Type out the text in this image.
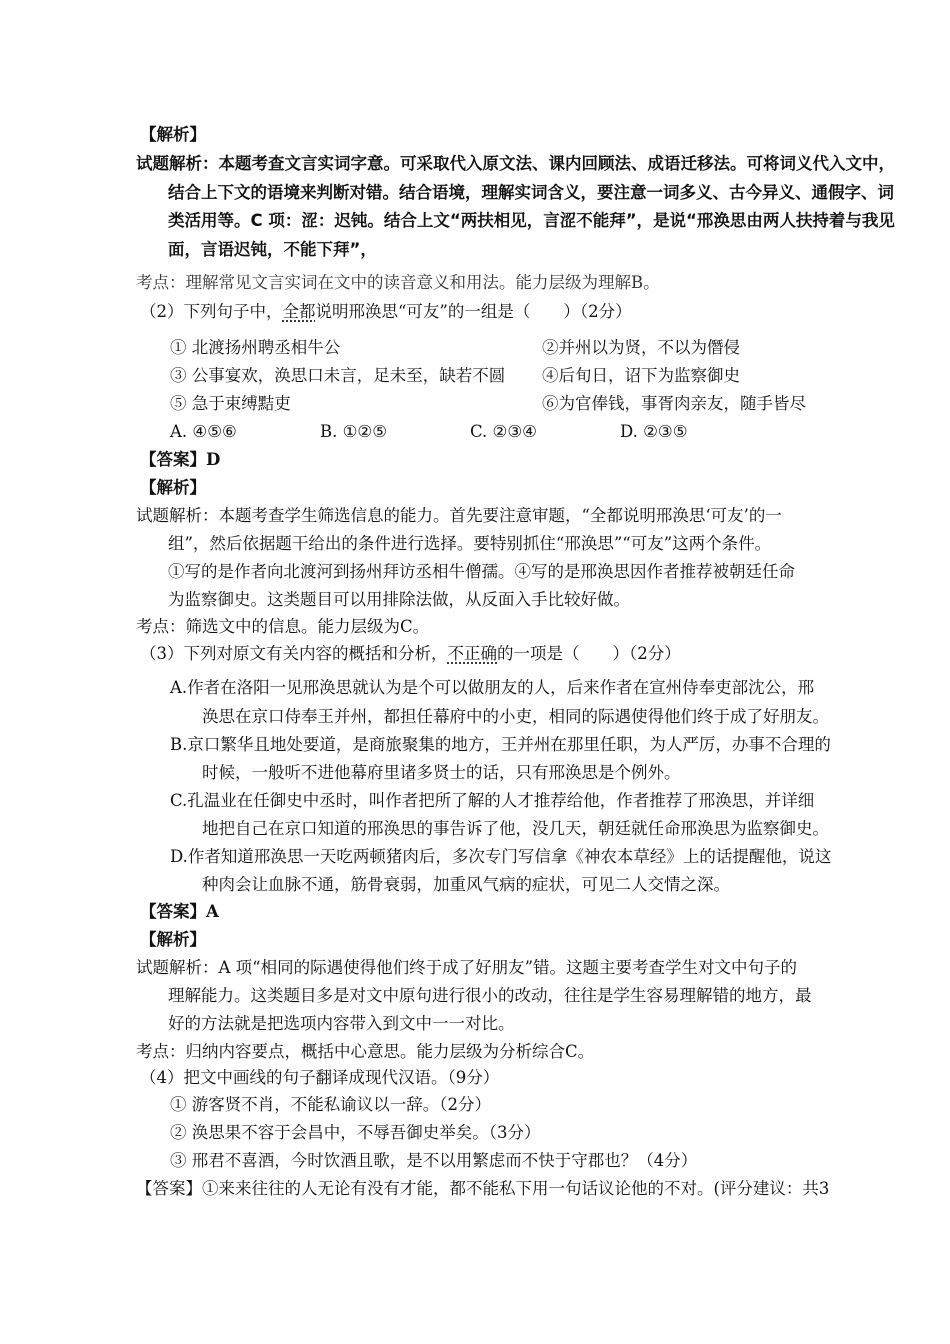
【解析】
试题解析：本题考查文言实词字意。可采取代入原文法、课内回顾法、成语迁移法。可将词义代入文中，
结合上下文的语境来判断对错。结合语境，理解实词含义，要注意一词多义、古今异义、通假字、词
类活用等。C 项：涩：迟钝。结合上文“两扶相见，言涩不能拜”，是说“邢涣思由两人扶持着与我见
面，言语迟钝，不能下拜”，
考点：理解常见文言实词在文中的读音意义和用法。能力层级为理解B。
（2）下列句子中，全都说明邢涣思“可友”的一组是（　　）（2分）
① 北渡扬州聘丞相牛公	②并州以为贤，不以为僭侵
③ 公事宴欢，涣思口未言，足未至，缺若不圆 ④后旬日，诏下为监察御史
⑤ 急于束缚黠吏	⑥为官俸钱，事胥肉亲友，随手皆尽
A. ④⑤⑥	B. ①②⑤	C. ②③④	D. ②③⑤
【答案】D
【解析】
试题解析：本题考查学生筛选信息的能力。首先要注意审题，“全都说明邢涣思‘可友’的一
组”，然后依据题干给出的条件进行选择。要特别抓住“邢涣思”“可友”这两个条件。
①写的是作者向北渡河到扬州拜访丞相牛僧孺。④写的是邢涣思因作者推荐被朝廷任命
为监察御史。这类题目可以用排除法做，从反面入手比较好做。
考点：筛选文中的信息。能力层级为C。
（3）下列对原文有关内容的概括和分析，不正确的一项是（　　）（2分）
A.作者在洛阳一见邢涣思就认为是个可以做朋友的人，后来作者在宣州侍奉吏部沈公，邢
涣思在京口侍奉王并州，都担任幕府中的小吏，相同的际遇使得他们终于成了好朋友。
B.京口繁华且地处要道，是商旅聚集的地方，王并州在那里任职，为人严厉，办事不合理的
时候，一般听不进他幕府里诸多贤士的话，只有邢涣思是个例外。
C.孔温业在任御史中丞时，叫作者把所了解的人才推荐给他，作者推荐了邢涣思，并详细
地把自己在京口知道的邢涣思的事告诉了他，没几天，朝廷就任命邢涣思为监察御史。
D.作者知道邢涣思一天吃两顿猪肉后，多次专门写信拿《神农本草经》上的话提醒他，说这
种肉会让血脉不通，筋骨衰弱，加重风气病的症状，可见二人交情之深。
【答案】A
【解析】
试题解析：A 项“相同的际遇使得他们终于成了好朋友”错。这题主要考查学生对文中句子的
理解能力。这类题目多是对文中原句进行很小的改动，往往是学生容易理解错的地方，最
好的方法就是把选项内容带入到文中一一对比。
考点：归纳内容要点，概括中心意思。能力层级为分析综合C。
（4）把文中画线的句子翻译成现代汉语。（9分）
① 游客贤不肖，不能私谕议以一辞。（2分）
② 涣思果不容于会昌中，不辱吾御史举矣。（3分）
③ 邢君不喜酒，今时饮酒且歌，是不以用繁虑而不快于守郡也？（4分）
【答案】①来来往往的人无论有没有才能，都不能私下用一句话议论他的不对。(评分建议：共3
